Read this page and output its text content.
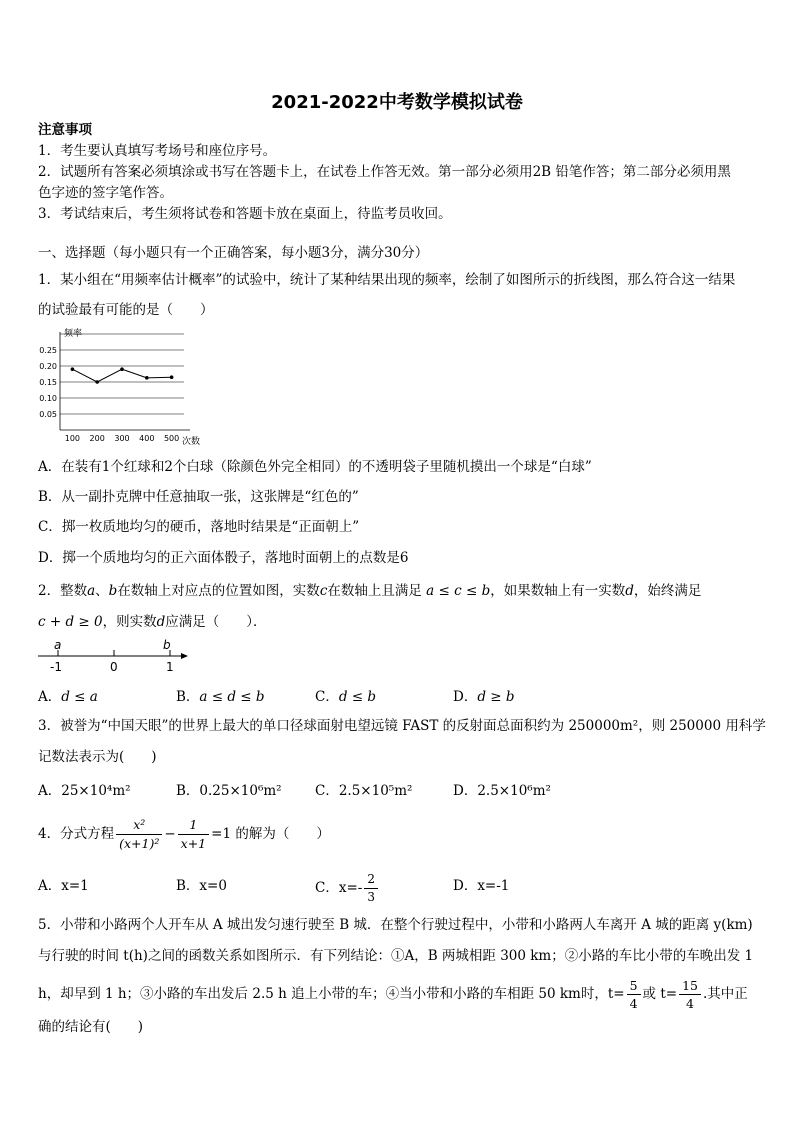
2021-2022中考数学模拟试卷
注意事项
1．考生要认真填写考场号和座位序号。
2．试题所有答案必须填涂或书写在答题卡上，在试卷上作答无效。第一部分必须用2B 铅笔作答；第二部分必须用黑
色字迹的签字笔作答。
3．考试结束后，考生须将试卷和答题卡放在桌面上，待监考员收回。
一、选择题（每小题只有一个正确答案，每小题3分，满分30分）
1．某小组在“用频率估计概率”的试验中，统计了某种结果出现的频率，绘制了如图所示的折线图，那么符合这一结果
的试验最有可能的是（　　）
0.05
0.10
0.15
0.20
0.25
频率
次数
100 200 300 400 500
A．在装有1个红球和2个白球（除颜色外完全相同）的不透明袋子里随机摸出一个球是“白球”
B．从一副扑克牌中任意抽取一张，这张牌是“红色的”
C．掷一枚质地均匀的硬币，落地时结果是“正面朝上”
D．掷一个质地均匀的正六面体骰子，落地时面朝上的点数是6
2．整数a、b在数轴上对应点的位置如图，实数c在数轴上且满足 a ≤ c ≤ b，如果数轴上有一实数d，始终满足
c + d ≥ 0，则实数d应满足（　　）．
a	b
-1	0	1
A．d ≤ a	B．a ≤ d ≤ b	C．d ≤ b	D．d ≥ b
3．被誉为“中国天眼”的世界上最大的单口径球面射电望远镜 FAST 的反射面总面积约为 250000m²，则 250000 用科学
记数法表示为(　　)
A．25×10⁴m²	B．0.25×10⁶m² C．2.5×10⁵m²	D．2.5×10⁶m²
4．分式方程 $\frac{\text{x²}}{\text{(x+1)²}} - \frac{1}{x+1} =1$ 的解为（　　）
A．x=1	B．x=0	C．$x=- \frac{2}{3}$	D．x=-1
5．小带和小路两个人开车从 A 城出发匀速行驶至 B 城．在整个行驶过程中，小带和小路两人车离开 A 城的距离 y(km)
与行驶的时间 t(h)之间的函数关系如图所示．有下列结论：①A，B 两城相距 300 km；②小路的车比小带的车晚出发 1
h，却早到 1 h；③小路的车出发后 2.5 h 追上小带的车；④当小带和小路的车相距 50 km时，$t= \frac{5}{4}$ 或 $t= \frac{15}{4}$ .其中正
确的结论有(　　)
